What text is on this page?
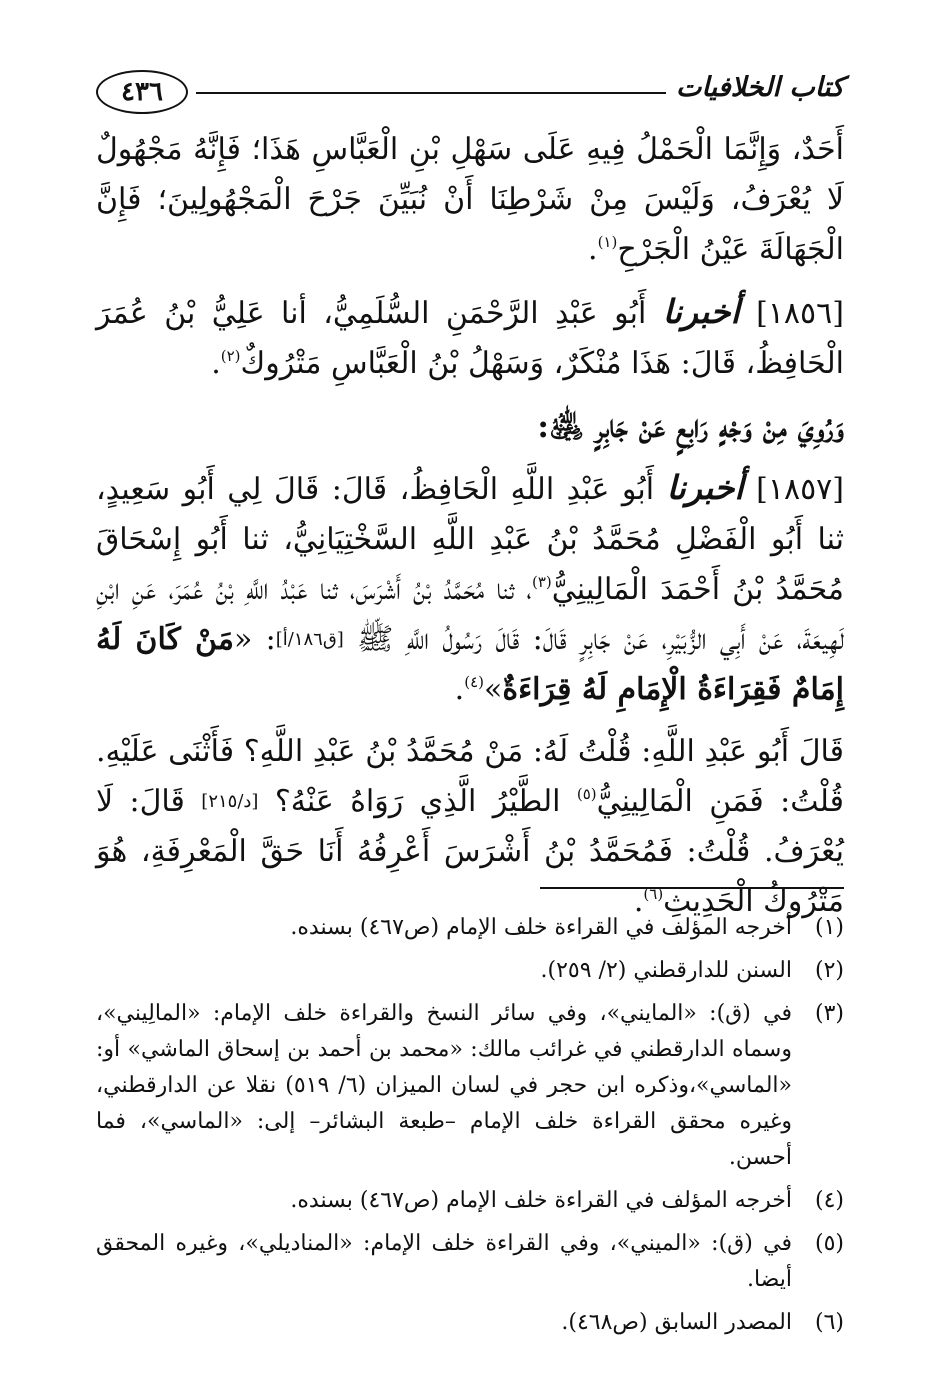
٤٣٦	كتاب الخلافيات

أَحَدٌ، وَإِنَّمَا الْحَمْلُ فِيهِ عَلَى سَهْلِ بْنِ الْعَبَّاسِ هَذَا؛ فَإِنَّهُ مَجْهُولٌ لَا يُعْرَفُ، وَلَيْسَ مِنْ شَرْطِنَا أَنْ نُبَيِّنَ جَرْحَ الْمَجْهُولِينَ؛ فَإِنَّ الْجَهَالَةَ عَيْنُ الْجَرْحِ$^{(١)}$.

[١٨٥٦] أخبرنا أَبُو عَبْدِ الرَّحْمَنِ السُّلَمِيُّ، أنا عَلِيُّ بْنُ عُمَرَ الْحَافِظُ، قَالَ: هَذَا مُنْكَرٌ، وَسَهْلُ بْنُ الْعَبَّاسِ مَتْرُوكٌ$^{(٢)}$.

وَرُوِيَ مِنْ وَجْهٍ رَابِعٍ عَنْ جَابِرٍ ﵁:

[١٨٥٧] أخبرنا أَبُو عَبْدِ اللَّهِ الْحَافِظُ، قَالَ: قَالَ لِي أَبُو سَعِيدٍ، ثنا أَبُو الْفَضْلِ مُحَمَّدُ بْنُ عَبْدِ اللَّهِ السَّخْتِيَانِيُّ، ثنا أَبُو إِسْحَاقَ مُحَمَّدُ بْنُ أَحْمَدَ الْمَالِينِيُّ$^{(٣)}$، ثنا مُحَمَّدُ بْنُ أَشْرَسَ، ثنا عَبْدُ اللَّهِ بْنُ عُمَرَ، عَنِ ابْنِ لَهِيعَةَ، عَنْ أَبِي الزُّبَيْرِ، عَنْ جَابِرٍ قَالَ: قَالَ رَسُولُ اللَّهِ ﷺ [ق١٨٦/أ]: «مَنْ كَانَ لَهُ إِمَامٌ فَقِرَاءَةُ الْإِمَامِ لَهُ قِرَاءَةٌ»$^{(٤)}$.

قَالَ أَبُو عَبْدِ اللَّهِ: قُلْتُ لَهُ: مَنْ مُحَمَّدُ بْنُ عَبْدِ اللَّهِ؟ فَأَثْنَى عَلَيْهِ. قُلْتُ: فَمَنِ الْمَالِينِيُّ$^{(٥)}$ الطَّيْرُ الَّذِي رَوَاهُ عَنْهُ؟ [د/٢١٥] قَالَ: لَا يُعْرَفُ. قُلْتُ: فَمُحَمَّدُ بْنُ أَشْرَسَ أَعْرِفُهُ أَنَا حَقَّ الْمَعْرِفَةِ، هُوَ مَتْرُوكُ الْحَدِيثِ$^{(٦)}$.

(١)
أخرجه المؤلف في القراءة خلف الإمام (ص٤٦٧) بسنده.
(٢)
السنن للدارقطني (٢/ ٢٥٩).
(٣)
في (ق): «المايني»، وفي سائر النسخ والقراءة خلف الإمام: «المالِيني»، وسماه الدارقطني في غرائب مالك: «محمد بن أحمد بن إسحاق الماشي» أو: «الماسي»،وذكره ابن حجر في لسان الميزان (٦/ ٥١٩) نقلا عن الدارقطني، وغيره محقق القراءة خلف الإمام –طبعة البشائر– إلى: «الماسي»، فما أحسن.
(٤)
أخرجه المؤلف في القراءة خلف الإمام (ص٤٦٧) بسنده.
(٥)
في (ق): «الميني»، وفي القراءة خلف الإمام: «المناديلي»، وغيره المحقق أيضا.
(٦)
المصدر السابق (ص٤٦٨).
